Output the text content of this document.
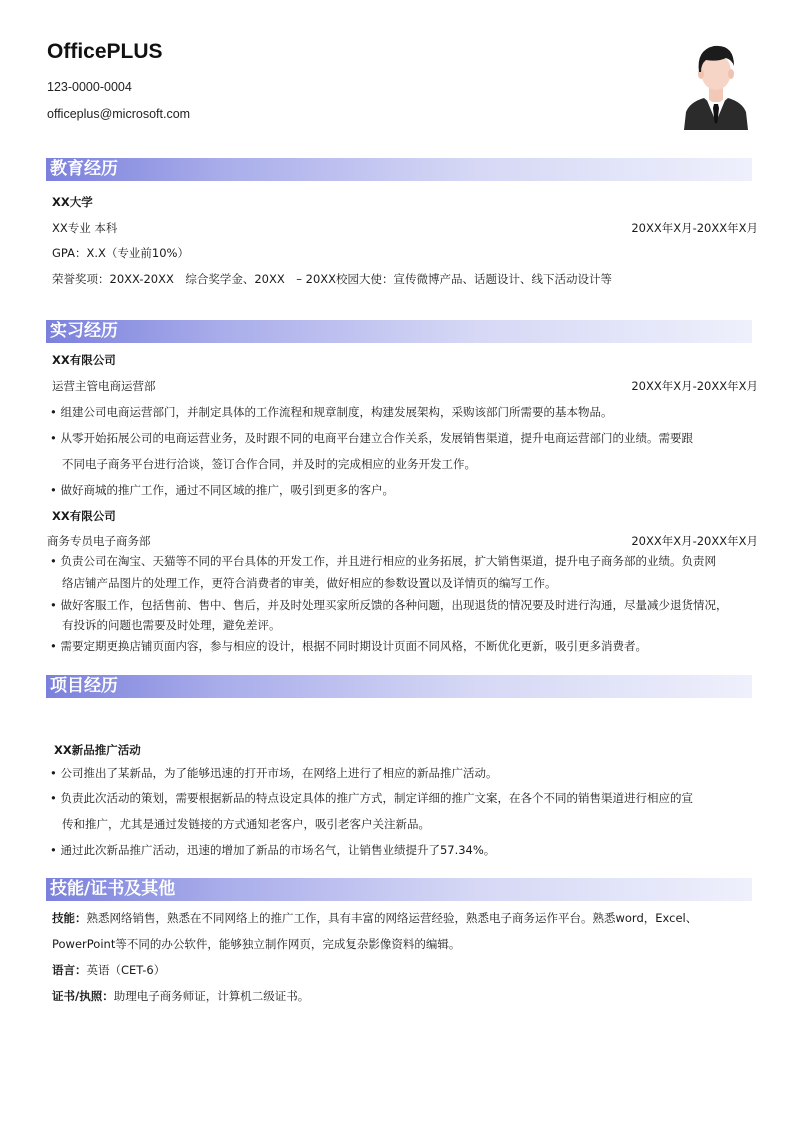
OfficePLUS
123-0000-0004
officeplus@microsoft.com
教育经历
XX大学
XX专业 本科	20XX年X月-20XX年X月
GPA：X.X（专业前10%）
荣誉奖项：20XX-20XX　综合奖学金、20XX　– 20XX校园大使：宣传微博产品、话题设计、线下活动设计等
实习经历
XX有限公司
运营主管电商运营部	20XX年X月-20XX年X月
• 组建公司电商运营部门，并制定具体的工作流程和规章制度，构建发展架构，采购该部门所需要的基本物品。
• 从零开始拓展公司的电商运营业务，及时跟不同的电商平台建立合作关系，发展销售渠道，提升电商运营部门的业绩。需要跟
不同电子商务平台进行洽谈，签订合作合同，并及时的完成相应的业务开发工作。
• 做好商城的推广工作，通过不同区域的推广，吸引到更多的客户。
XX有限公司
商务专员电子商务部	20XX年X月-20XX年X月
• 负责公司在淘宝、天猫等不同的平台具体的开发工作，并且进行相应的业务拓展，扩大销售渠道，提升电子商务部的业绩。负责网
络店铺产品图片的处理工作，更符合消费者的审美，做好相应的参数设置以及详情页的编写工作。
• 做好客服工作，包括售前、售中、售后，并及时处理买家所反馈的各种问题，出现退货的情况要及时进行沟通，尽量减少退货情况，
有投诉的问题也需要及时处理，避免差评。
• 需要定期更换店铺页面内容，参与相应的设计，根据不同时期设计页面不同风格，不断优化更新，吸引更多消费者。
项目经历
XX新品推广活动
• 公司推出了某新品，为了能够迅速的打开市场，在网络上进行了相应的新品推广活动。
• 负责此次活动的策划，需要根据新品的特点设定具体的推广方式，制定详细的推广文案，在各个不同的销售渠道进行相应的宣
传和推广，尤其是通过发链接的方式通知老客户，吸引老客户关注新品。
• 通过此次新品推广活动，迅速的增加了新品的市场名气，让销售业绩提升了57.34%。
技能/证书及其他
技能：熟悉网络销售，熟悉在不同网络上的推广工作，具有丰富的网络运营经验，熟悉电子商务运作平台。熟悉word，Excel、
PowerPoint等不同的办公软件，能够独立制作网页，完成复杂影像资料的编辑。
语言：英语（CET-6）
证书/执照：助理电子商务师证，计算机二级证书。
